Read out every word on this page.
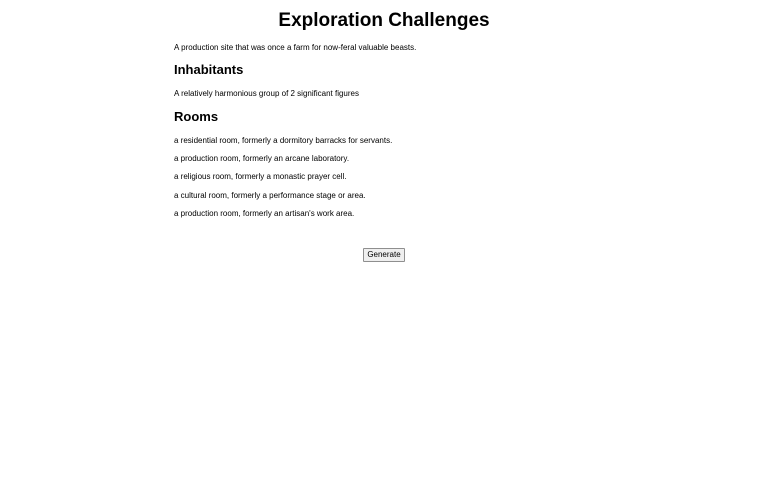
Exploration Challenges

A production site that was once a farm for now-feral valuable beasts.

Inhabitants

A relatively harmonious group of 2 significant figures

Rooms

a residential room, formerly a dormitory barracks for servants.

a production room, formerly an arcane laboratory.

a religious room, formerly a monastic prayer cell.

a cultural room, formerly a performance stage or area.

a production room, formerly an artisan's work area.

Generate
